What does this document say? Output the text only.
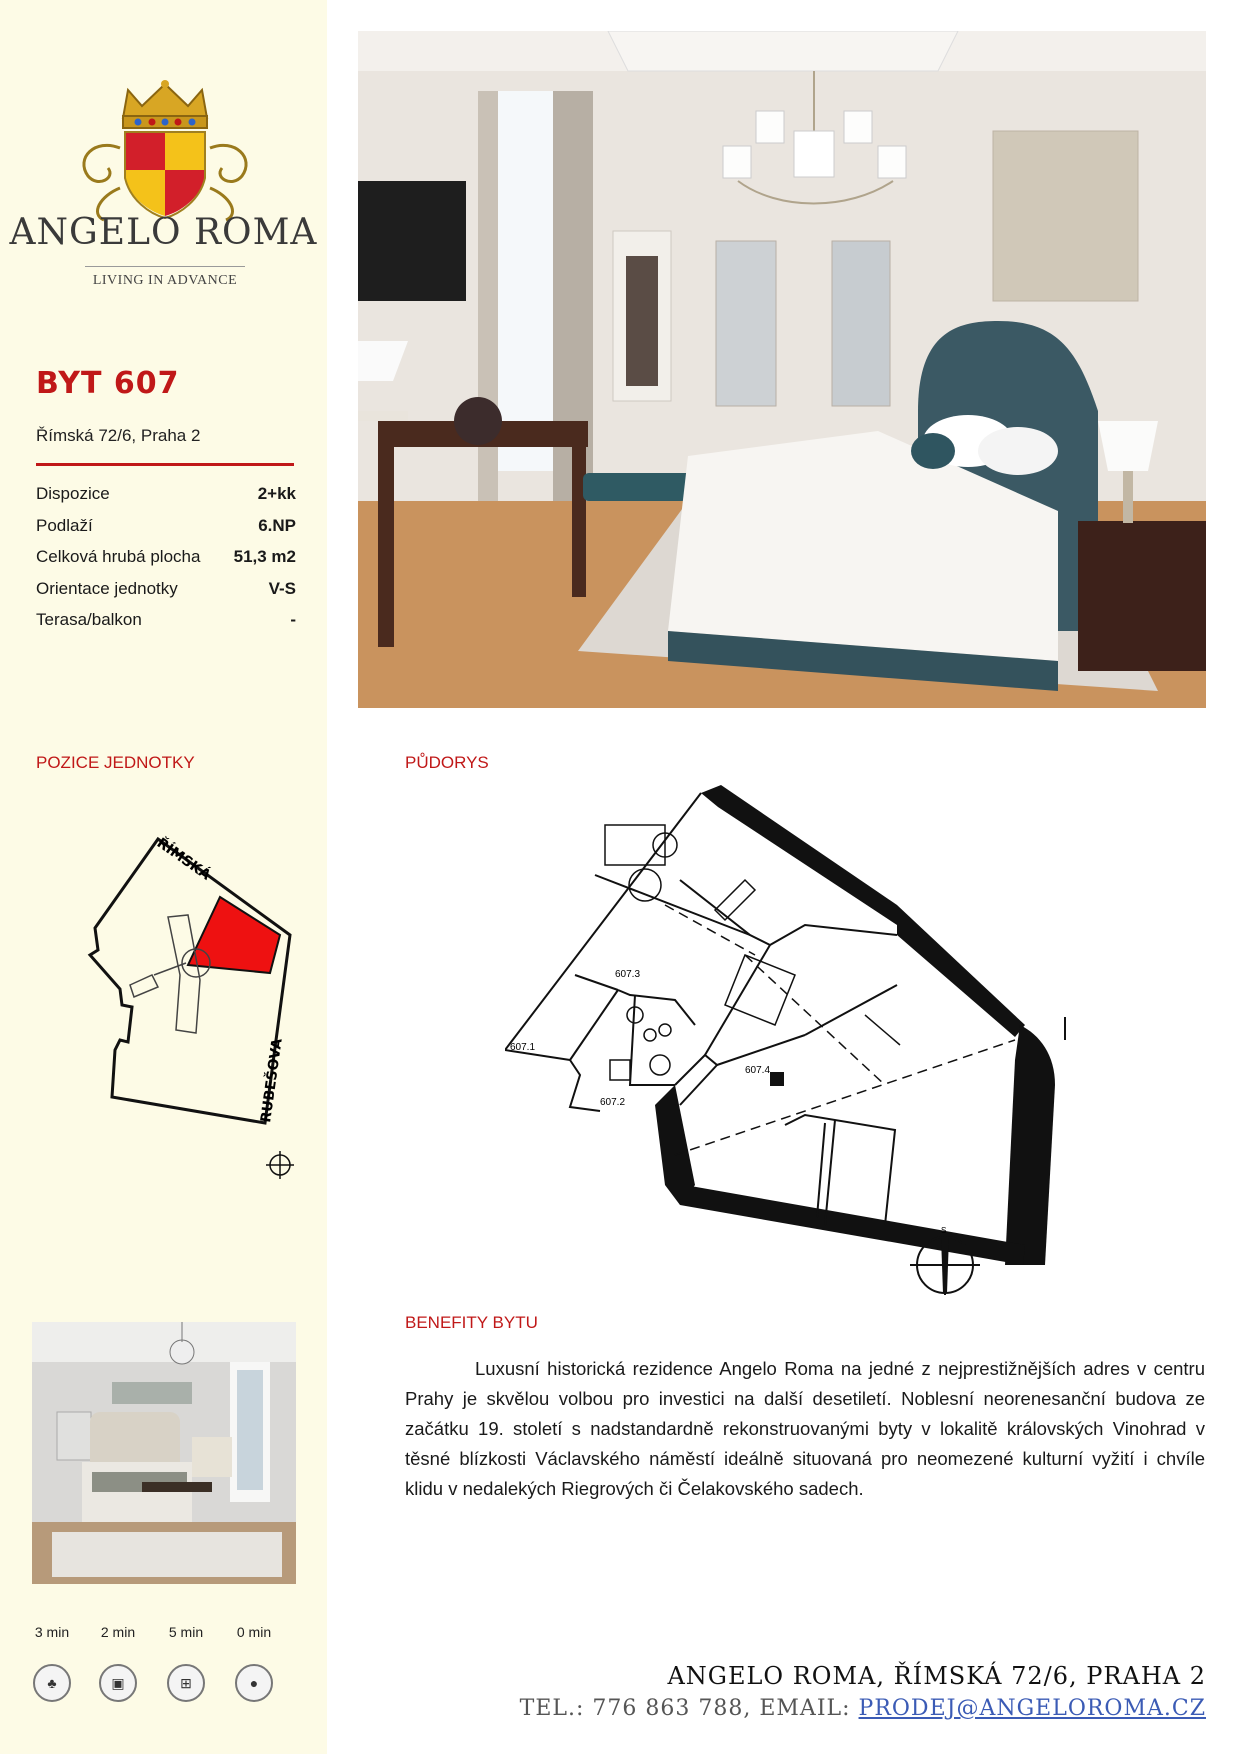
ANGELO ROMA
LIVING IN ADVANCE
BYT 607
Římská 72/6, Praha 2
Dispozice	2+kk
Podlaží	6.NP
Celková hrubá plocha 51,3 m2
Orientace jednotky	V-S
Terasa/balkon	-
POZICE JEDNOTKY
ŘÍMSKÁ
RUBEŠOVA
3 min
♣
2 min
▣
5 min
⊞
0 min
●
PŮDORYS
607.3
607.1
607.2
607.4
S
BENEFITY BYTU

Luxusní historická rezidence Angelo Roma na jedné z nejprestižnějších adres v centru Prahy je skvělou volbou pro investici na další desetiletí. Noblesní neorenesanční budova ze začátku 19. století s nadstandardně rekonstruovanými byty v lokalitě královských Vinohrad v těsné blízkosti Václavského náměstí ideálně situovaná pro neomezené kulturní vyžití i chvíle klidu v nedalekých Riegrových či Čelakovského sadech.

ANGELO ROMA, ŘÍMSKÁ 72/6, PRAHA 2
TEL.: 776 863 788, EMAIL: PRODEJ@ANGELOROMA.CZ
